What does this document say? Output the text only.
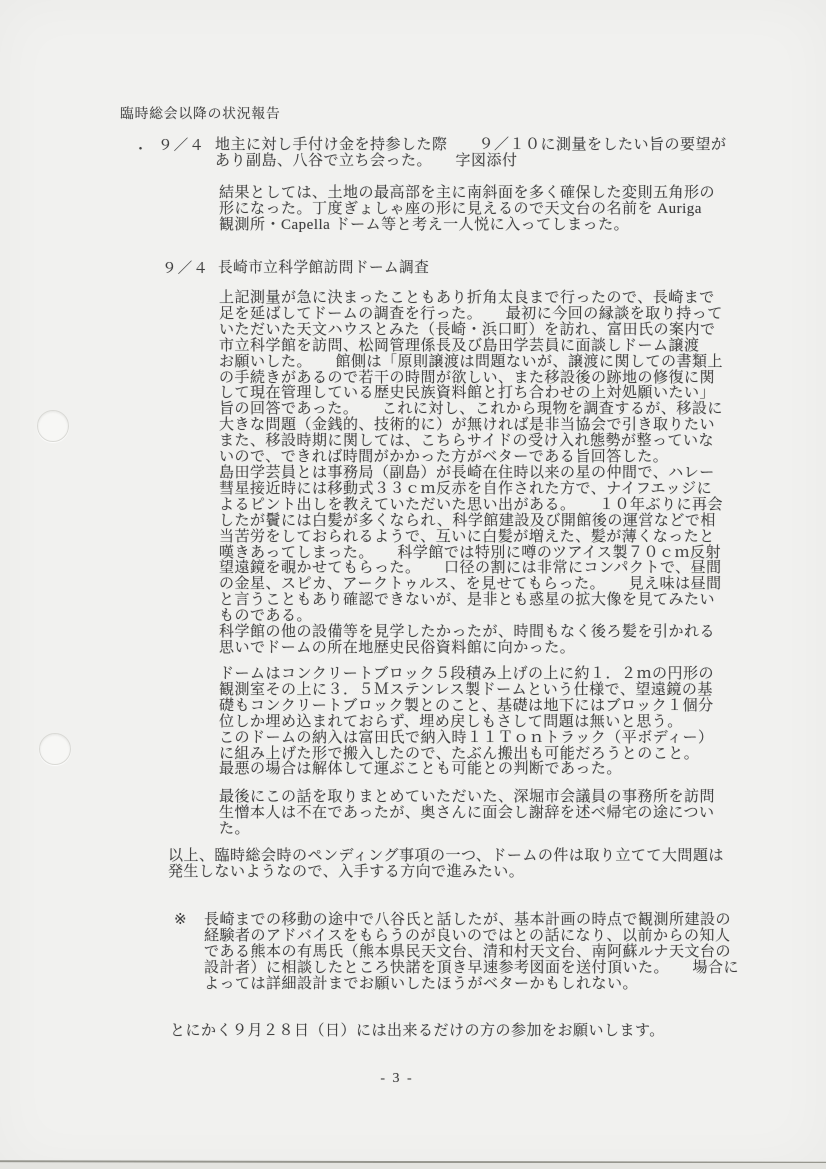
臨時総会以降の状況報告
・ ９／４ 地主に対し手付け金を持参した際　　９／１０に測量をしたい旨の要望が
あり副島、八谷で立ち会った。　　字図添付
結果としては、土地の最高部を主に南斜面を多く確保した変則五角形の
形になった。丁度ぎょしゃ座の形に見えるので天文台の名前を Auriga
観測所・Capella ドーム等と考え一人悦に入ってしまった。
９／４ 長崎市立科学館訪問ドーム調査
上記測量が急に決まったこともあり折角太良まで行ったので、長崎まで
足を延ばしてドームの調査を行った。　　最初に今回の縁談を取り持って
いただいた天文ハウスとみた（長崎・浜口町）を訪れ、富田氏の案内で
市立科学館を訪問、松岡管理係長及び島田学芸員に面談しドーム譲渡
お願いした。　　館側は「原則譲渡は問題ないが、譲渡に関しての書類上
の手続きがあるので若干の時間が欲しい、また移設後の跡地の修復に関
して現在管理している歴史民族資料館と打ち合わせの上対処願いたい」
旨の回答であった。　　これに対し、これから現物を調査するが、移設に
大きな問題（金銭的、技術的に）が無ければ是非当協会で引き取りたい
また、移設時期に関しては、こちらサイドの受け入れ態勢が整っていな
いので、できれば時間がかかった方がベターである旨回答した。
島田学芸員とは事務局（副島）が長崎在住時以来の星の仲間で、ハレー
彗星接近時には移動式３３ｃｍ反赤を自作された方で、ナイフエッジに
よるピント出しを教えていただいた思い出がある。　　１０年ぶりに再会
したが鬢には白髪が多くなられ、科学館建設及び開館後の運営などで相
当苦労をしておられるようで、互いに白髪が増えた、髪が薄くなったと
嘆きあってしまった。　　科学館では特別に噂のツアイス製７０ｃｍ反射
望遠鏡を覗かせてもらった。　　口径の割には非常にコンパクトで、昼間
の金星、スピカ、アークトゥルス、を見せてもらった。　　見え味は昼間
と言うこともあり確認できないが、是非とも惑星の拡大像を見てみたい
ものである。
科学館の他の設備等を見学したかったが、時間もなく後ろ髪を引かれる
思いでドームの所在地歴史民俗資料館に向かった。
ドームはコンクリートブロック５段積み上げの上に約１．２ｍの円形の
観測室その上に３．５Ｍステンレス製ドームという仕様で、望遠鏡の基
礎もコンクリートブロック製とのこと、基礎は地下にはブロック１個分
位しか埋め込まれておらず、埋め戻しもさして問題は無いと思う。
このドームの納入は富田氏で納入時１１Ｔｏｎトラック（平ボディー）
に組み上げた形で搬入したので、たぶん搬出も可能だろうとのこと。
最悪の場合は解体して運ぶことも可能との判断であった。
最後にこの話を取りまとめていただいた、深堀市会議員の事務所を訪問
生憎本人は不在であったが、奥さんに面会し謝辞を述べ帰宅の途につい
た。
以上、臨時総会時のペンディング事項の一つ、ドームの件は取り立てて大問題は
発生しないようなので、入手する方向で進みたい。
※ 長崎までの移動の途中で八谷氏と話したが、基本計画の時点で観測所建設の
経験者のアドバイスをもらうのが良いのではとの話になり、以前からの知人
である熊本の有馬氏（熊本県民天文台、清和村天文台、南阿蘇ルナ天文台の
設計者）に相談したところ快諾を頂き早速参考図面を送付頂いた。　　場合に
よっては詳細設計までお願いしたほうがベターかもしれない。
とにかく９月２８日（日）には出来るだけの方の参加をお願いします。
- 3 -
